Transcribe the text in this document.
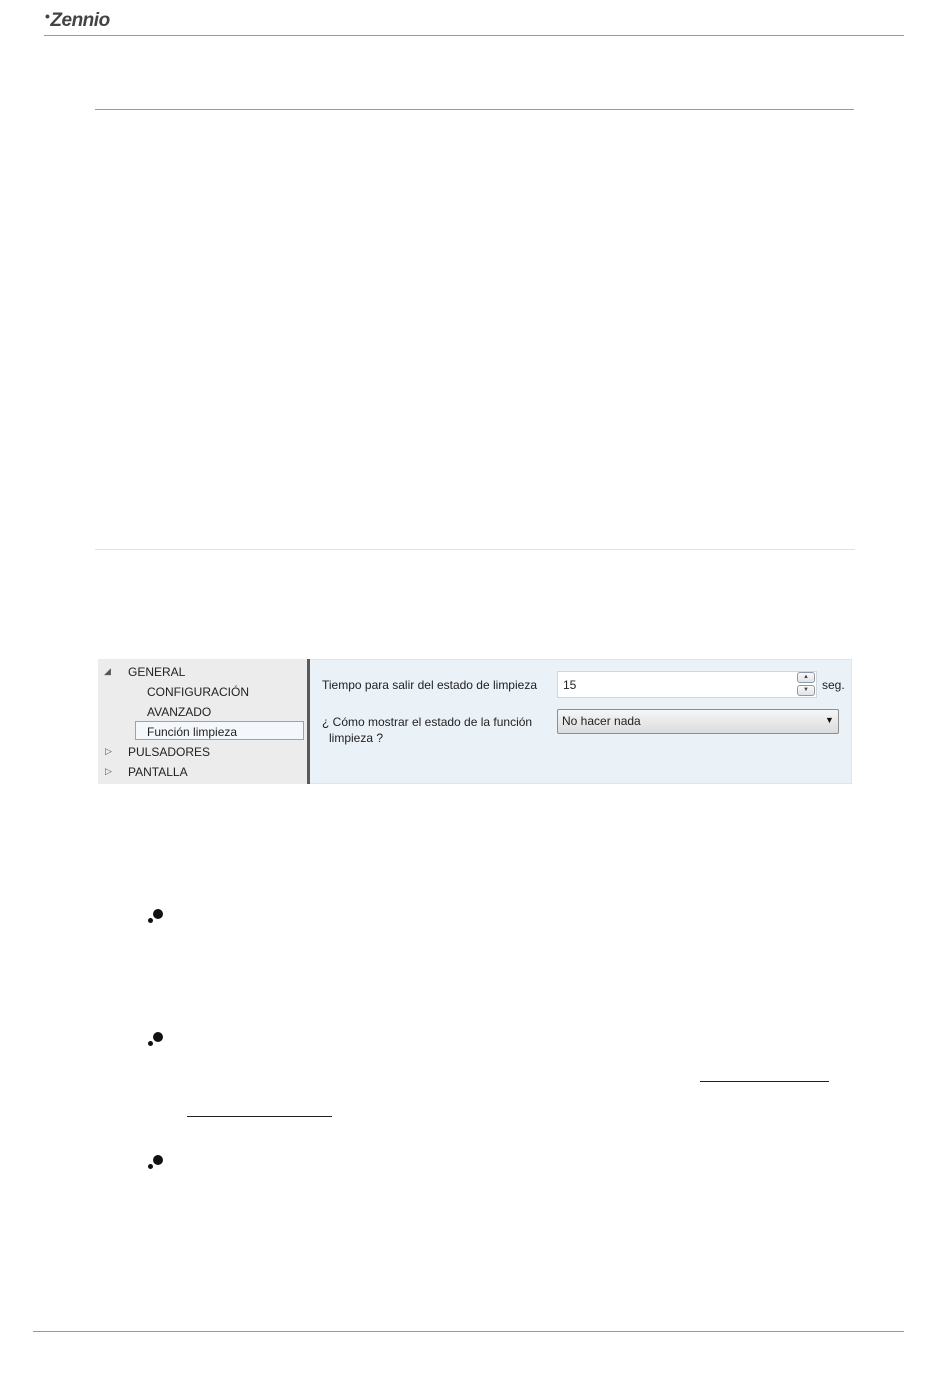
•Zennio
◢ GENERAL
CONFIGURACIÓN
AVANZADO
Función limpieza
▷ PULSADORES
▷ PANTALLA
Tiempo para salir del estado de limpieza 15
▲
▼	seg.
¿ Cómo mostrar el estado de la función
limpieza ?
No hacer nada	▼
